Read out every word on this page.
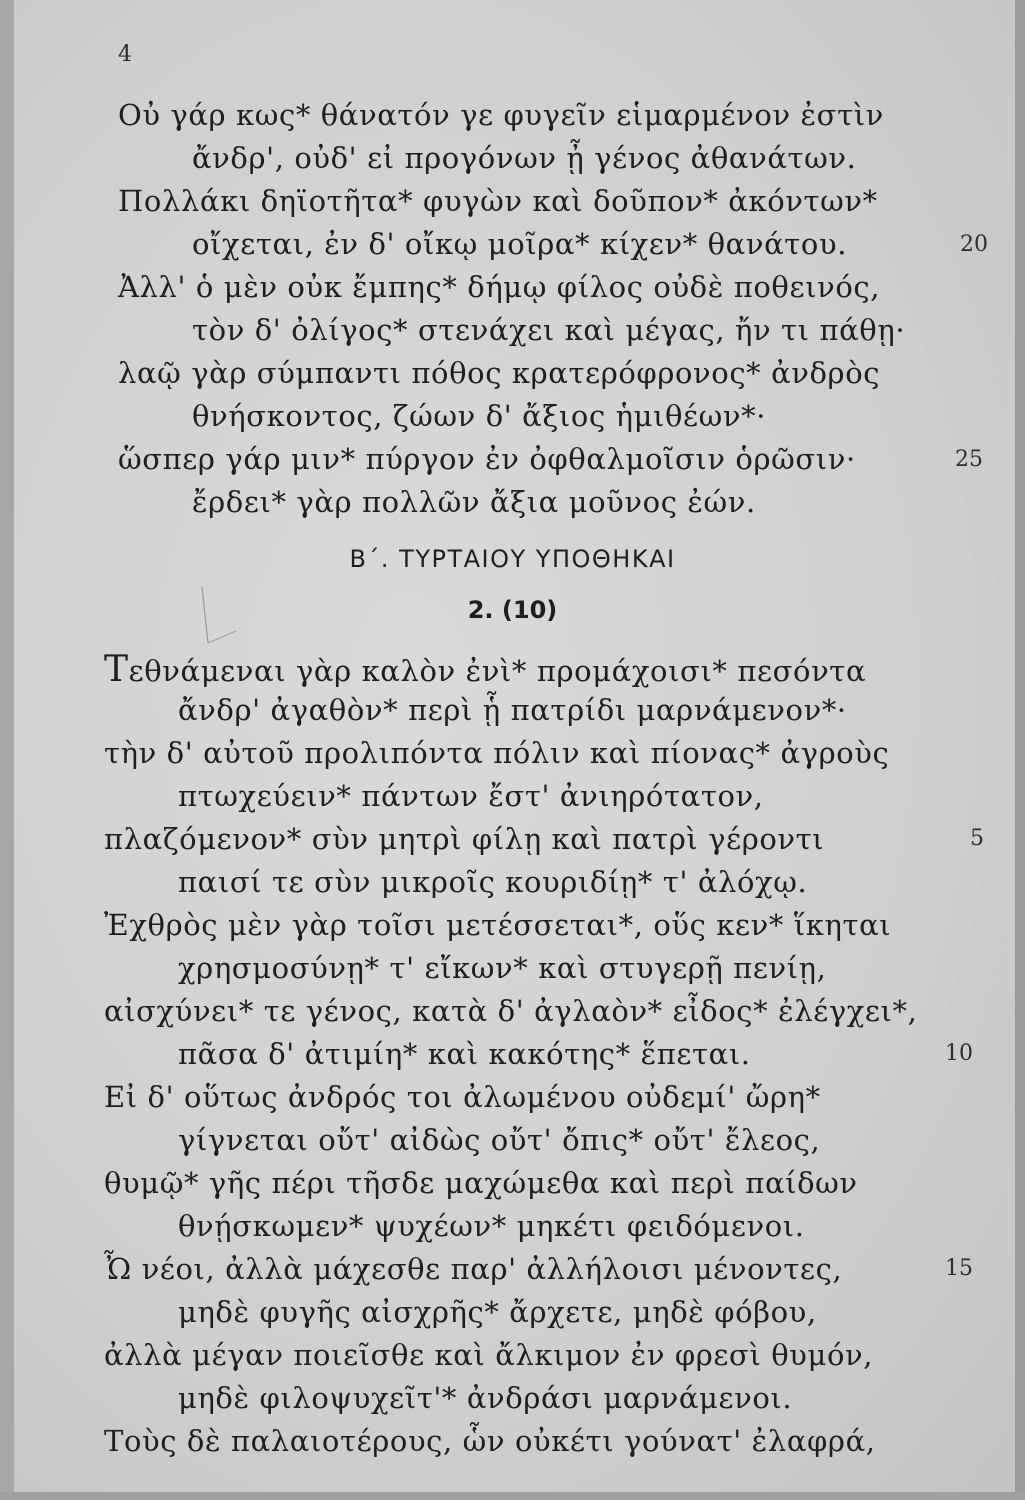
4
Οὐ γάρ κως* θάνατόν γε φυγεῖν εἱμαρμένον ἐστὶν
ἄνδρ', οὐδ' εἰ προγόνων ᾖ γένος ἀθανάτων.
Πολλάκι δηϊοτῆτα* φυγὼν καὶ δοῦπον* ἀκόντων*
οἴχεται, ἐν δ' οἴκῳ μοῖρα* κίχεν* θανάτου.
Ἀλλ' ὁ μὲν οὐκ ἔμπης* δήμῳ φίλος οὐδὲ ποθεινός,
τὸν δ' ὀλίγος* στενάχει καὶ μέγας, ἤν τι πάθῃ·
λαῷ γὰρ σύμπαντι πόθος κρατερόφρονος* ἀνδρὸς
θνήσκοντος, ζώων δ' ἄξιος ἡμιθέων*·
ὥσπερ γάρ μιν* πύργον ἐν ὀφθαλμοῖσιν ὁρῶσιν·
ἔρδει* γὰρ πολλῶν ἄξια μοῦνος ἐών.
20
25
Β΄. ΤΥΡΤΑΙΟΥ ΥΠΟΘΗΚΑΙ
2. (10)
Τεθνάμεναι γὰρ καλὸν ἐνὶ* προμάχοισι* πεσόντα
ἄνδρ' ἀγαθὸν* περὶ ᾗ πατρίδι μαρνάμενον*·
τὴν δ' αὐτοῦ προλιπόντα πόλιν καὶ πίονας* ἀγροὺς
πτωχεύειν* πάντων ἔστ' ἀνιηρότατον,
πλαζόμενον* σὺν μητρὶ φίλῃ καὶ πατρὶ γέροντι
παισί τε σὺν μικροῖς κουριδίῃ* τ' ἀλόχῳ.
Ἐχθρὸς μὲν γὰρ τοῖσι μετέσσεται*, οὕς κεν* ἵκηται
χρησμοσύνῃ* τ' εἴκων* καὶ στυγερῇ πενίῃ,
αἰσχύνει* τε γένος, κατὰ δ' ἀγλαὸν* εἶδος* ἐλέγχει*,
πᾶσα δ' ἀτιμίη* καὶ κακότης* ἕπεται.
Εἰ δ' οὕτως ἀνδρός τοι ἀλωμένου οὐδεμί' ὤρη*
γίγνεται οὔτ' αἰδὼς οὔτ' ὄπις* οὔτ' ἔλεος,
θυμῷ* γῆς πέρι τῆσδε μαχώμεθα καὶ περὶ παίδων
θνῄσκωμεν* ψυχέων* μηκέτι φειδόμενοι.
Ὦ νέοι, ἀλλὰ μάχεσθε παρ' ἀλλήλοισι μένοντες,
μηδὲ φυγῆς αἰσχρῆς* ἄρχετε, μηδὲ φόβου,
ἀλλὰ μέγαν ποιεῖσθε καὶ ἄλκιμον ἐν φρεσὶ θυμόν,
μηδὲ φιλοψυχεῖτ'* ἀνδράσι μαρνάμενοι.
Τοὺς δὲ παλαιοτέρους, ὧν οὐκέτι γούνατ' ἐλαφρά,
5
10
15
